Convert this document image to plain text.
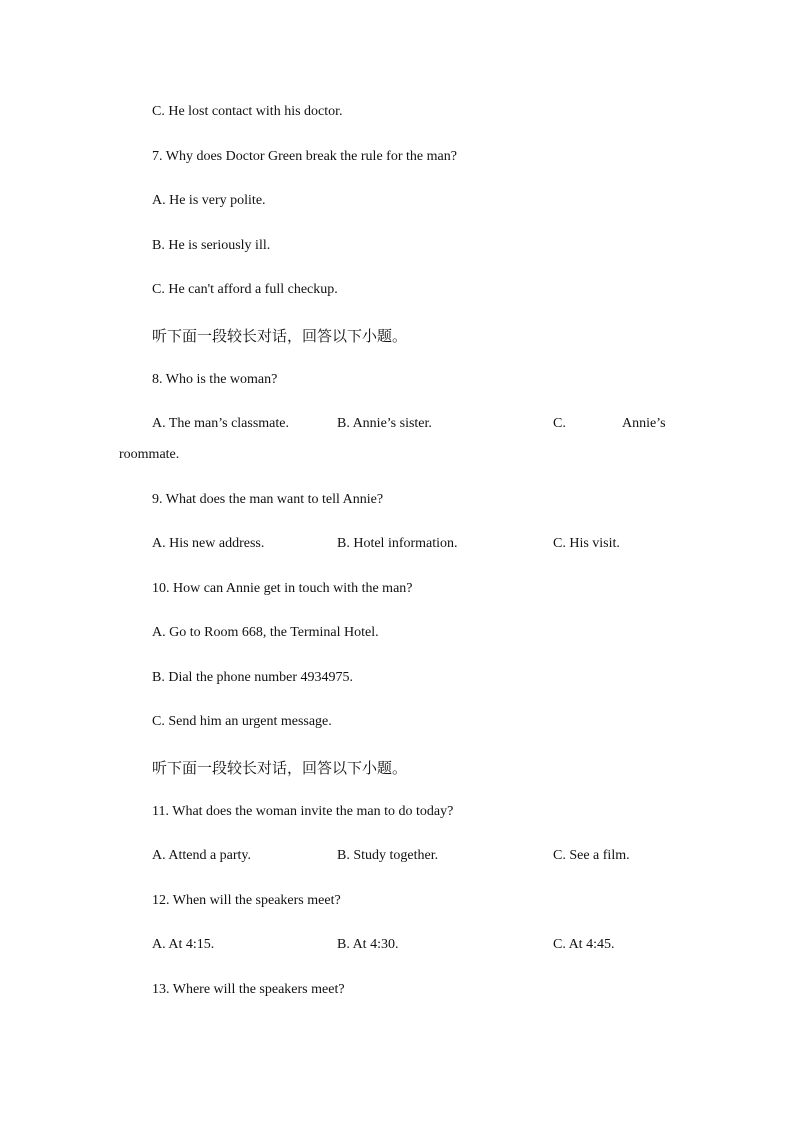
C. He lost contact with his doctor.
7. Why does Doctor Green break the rule for the man?
A. He is very polite.
B. He is seriously ill.
C. He can't afford a full checkup.
听下面一段较长对话，回答以下小题。
8. Who is the woman?
A. The man’s classmate.	B. Annie’s sister.	C.	Annie’s
roommate.
9. What does the man want to tell Annie?
A. His new address.	B. Hotel information.	C. His visit.
10. How can Annie get in touch with the man?
A. Go to Room 668, the Terminal Hotel.
B. Dial the phone number 4934975.
C. Send him an urgent message.
听下面一段较长对话，回答以下小题。
11. What does the woman invite the man to do today?
A. Attend a party.	B. Study together.	C. See a film.
12. When will the speakers meet?
A. At 4:15.	B. At 4:30.	C. At 4:45.
13. Where will the speakers meet?
